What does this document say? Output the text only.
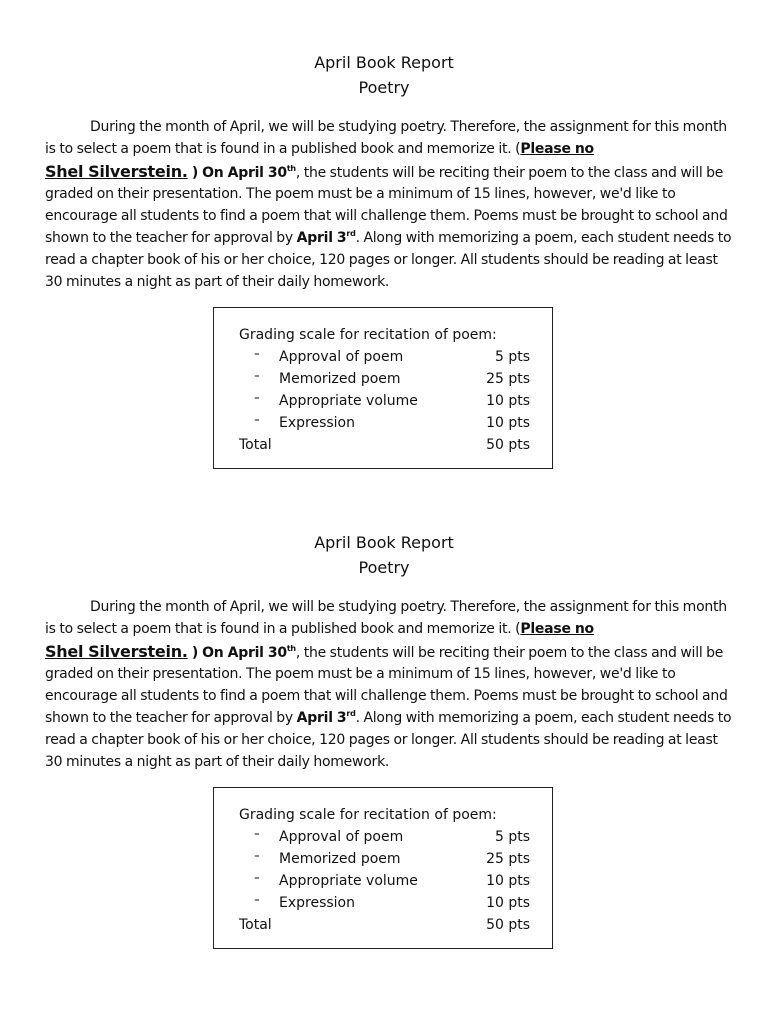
April Book Report
Poetry

During the month of April, we will be studying poetry. Therefore, the assignment for this month is to select a poem that is found in a published book and memorize it. (Please no
Shel Silverstein. ) On April 30th, the students will be reciting their poem to the class and will be graded on their presentation. The poem must be a minimum of 15 lines, however, we'd like to encourage all students to find a poem that will challenge them. Poems must be brought to school and shown to the teacher for approval by April 3rd. Along with memorizing a poem, each student needs to read a chapter book of his or her choice, 120 pages or longer. All students should be reading at least 30 minutes a night as part of their daily homework.

Grading scale for recitation of poem:
⁼ Approval of poem	5 pts
⁼ Memorized poem	25 pts
⁼ Appropriate volume	10 pts
⁼ Expression	10 pts
Total	50 pts
April Book Report
Poetry

During the month of April, we will be studying poetry. Therefore, the assignment for this month is to select a poem that is found in a published book and memorize it. (Please no
Shel Silverstein. ) On April 30th, the students will be reciting their poem to the class and will be graded on their presentation. The poem must be a minimum of 15 lines, however, we'd like to encourage all students to find a poem that will challenge them. Poems must be brought to school and shown to the teacher for approval by April 3rd. Along with memorizing a poem, each student needs to read a chapter book of his or her choice, 120 pages or longer. All students should be reading at least 30 minutes a night as part of their daily homework.

Grading scale for recitation of poem:
⁼ Approval of poem	5 pts
⁼ Memorized poem	25 pts
⁼ Appropriate volume	10 pts
⁼ Expression	10 pts
Total	50 pts
